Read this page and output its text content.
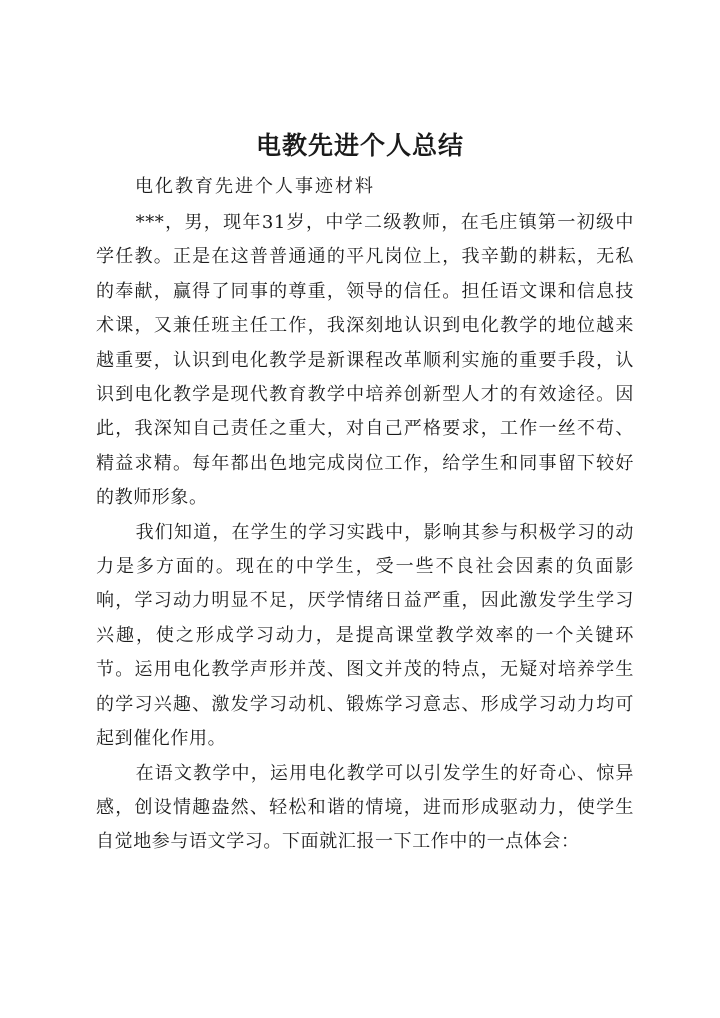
电教先进个人总结
电化教育先进个人事迹材料

***，男，现年31岁，中学二级教师，在毛庄镇第一初级中学任教。正是在这普普通通的平凡岗位上，我辛勤的耕耘，无私的奉献，赢得了同事的尊重，领导的信任。担任语文课和信息技术课，又兼任班主任工作，我深刻地认识到电化教学的地位越来越重要，认识到电化教学是新课程改革顺利实施的重要手段，认识到电化教学是现代教育教学中培养创新型人才的有效途径。因此，我深知自己责任之重大，对自己严格要求，工作一丝不苟、精益求精。每年都出色地完成岗位工作，给学生和同事留下较好的教师形象。

我们知道，在学生的学习实践中，影响其参与积极学习的动力是多方面的。现在的中学生，受一些不良社会因素的负面影响，学习动力明显不足，厌学情绪日益严重，因此激发学生学习兴趣，使之形成学习动力，是提高课堂教学效率的一个关键环节。运用电化教学声形并茂、图文并茂的特点，无疑对培养学生的学习兴趣、激发学习动机、锻炼学习意志、形成学习动力均可起到催化作用。

在语文教学中，运用电化教学可以引发学生的好奇心、惊异感，创设情趣盎然、轻松和谐的情境，进而形成驱动力，使学生自觉地参与语文学习。下面就汇报一下工作中的一点体会：
